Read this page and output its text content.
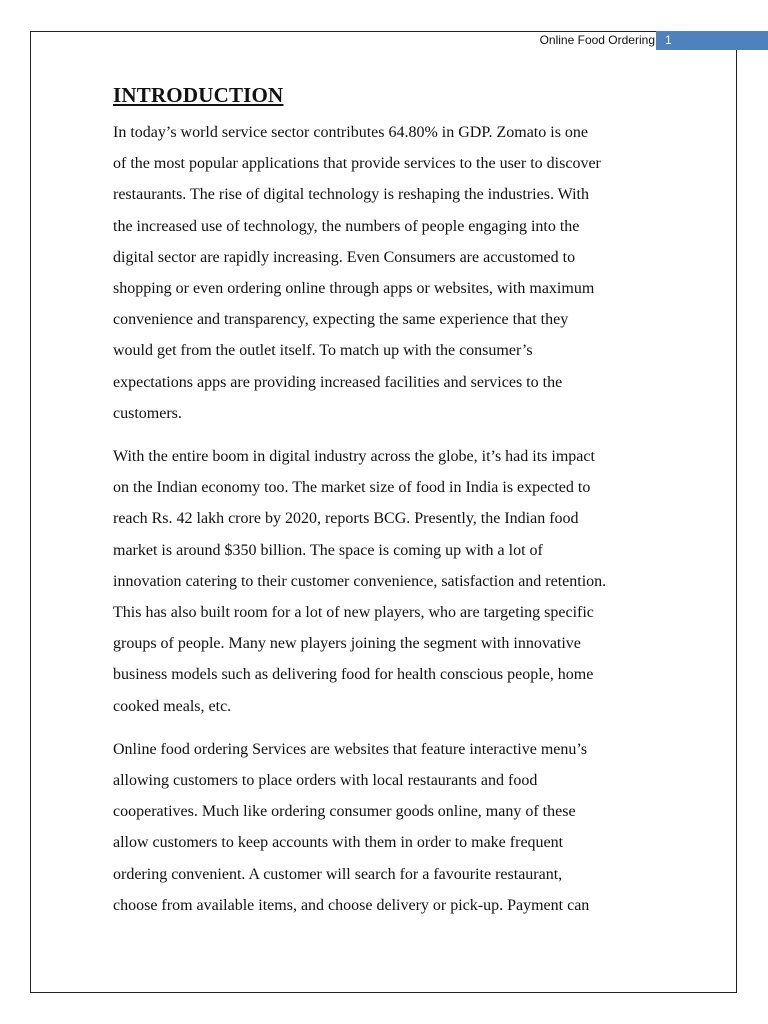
Online Food Ordering 1
INTRODUCTION
In today’s world service sector contributes 64.80% in GDP. Zomato is one
of the most popular applications that provide services to the user to discover
restaurants. The rise of digital technology is reshaping the industries. With
the increased use of technology, the numbers of people engaging into the
digital sector are rapidly increasing. Even Consumers are accustomed to
shopping or even ordering online through apps or websites, with maximum
convenience and transparency, expecting the same experience that they
would get from the outlet itself. To match up with the consumer’s
expectations apps are providing increased facilities and services to the
customers.
With the entire boom in digital industry across the globe, it’s had its impact
on the Indian economy too. The market size of food in India is expected to
reach Rs. 42 lakh crore by 2020, reports BCG. Presently, the Indian food
market is around $350 billion. The space is coming up with a lot of
innovation catering to their customer convenience, satisfaction and retention.
This has also built room for a lot of new players, who are targeting specific
groups of people. Many new players joining the segment with innovative
business models such as delivering food for health conscious people, home
cooked meals, etc.
Online food ordering Services are websites that feature interactive menu’s
allowing customers to place orders with local restaurants and food
cooperatives. Much like ordering consumer goods online, many of these
allow customers to keep accounts with them in order to make frequent
ordering convenient. A customer will search for a favourite restaurant,
choose from available items, and choose delivery or pick-up. Payment can
